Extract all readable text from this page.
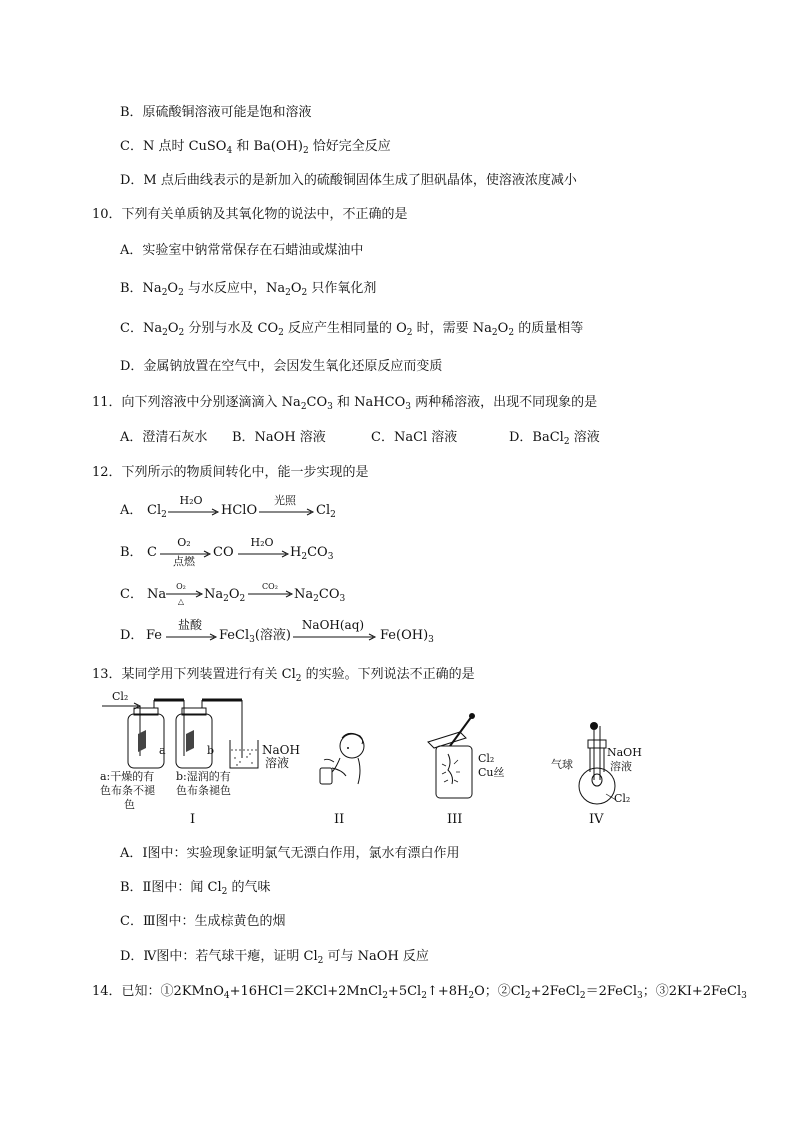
B．原硫酸铜溶液可能是饱和溶液
C．N 点时 CuSO$_4$ 和 $Ba(OH)_2$ 恰好完全反应
D．M 点后曲线表示的是新加入的硫酸铜固体生成了胆矾晶体，使溶液浓度减小
10．下列有关单质钠及其氧化物的说法中，不正确的是
A．实验室中钠常常保存在石蜡油或煤油中
B．$Na_2O_2$ 与水反应中，$Na_2O_2$ 只作氧化剂
C．$Na_2O_2$ 分别与水及 $CO_2$ 反应产生相同量的 $O_2$ 时，需要 $Na_2O_2$ 的质量相等
D．金属钠放置在空气中，会因发生氧化还原反应而变质
11．向下列溶液中分别逐滴滴入 $Na_2CO_3$ 和 NaHCO$_3$ 两种稀溶液，出现不同现象的是
A．澄清石灰水 B．NaOH 溶液	C．NaCl 溶液	D．BaCl$_2$ 溶液
12．下列所示的物质间转化中，能一步实现的是
A． $Cl_2$
H₂O
HClO
光照
$Cl_2$
B． C
O₂
点燃
CO
H₂O
$H_2CO_3$
C． Na
O₂
△	$Na_2O_2$
CO₂
$Na_2CO_3$
D． Fe
盐酸
FeCl$_3$(溶液)
NaOH(aq)
$Fe(OH)_3$
13．某同学用下列装置进行有关 $Cl_2$ 的实验。下列说法不正确的是
Cl₂
a	b	NaOH
溶液
a:干燥的有
色布条不褪
色
b:湿润的有
色布条褪色
Cl₂
Cu丝
气球
NaOH
溶液
Cl₂
I	II	III	IV
A．Ⅰ图中：实验现象证明氯气无漂白作用，氯水有漂白作用
B．Ⅱ图中：闻 $Cl_2$ 的气味
C．Ⅲ图中：生成棕黄色的烟
D．Ⅳ图中：若气球干瘪，证明 $Cl_2$ 可与 NaOH 反应
14．已知：$①2KMnO_4+16HCl=2KCl+2MnCl_2+5Cl_2↑+8H_2O$；$②Cl_2+2FeCl_2=2FeCl_3$；③2KI+2FeCl$_3$
